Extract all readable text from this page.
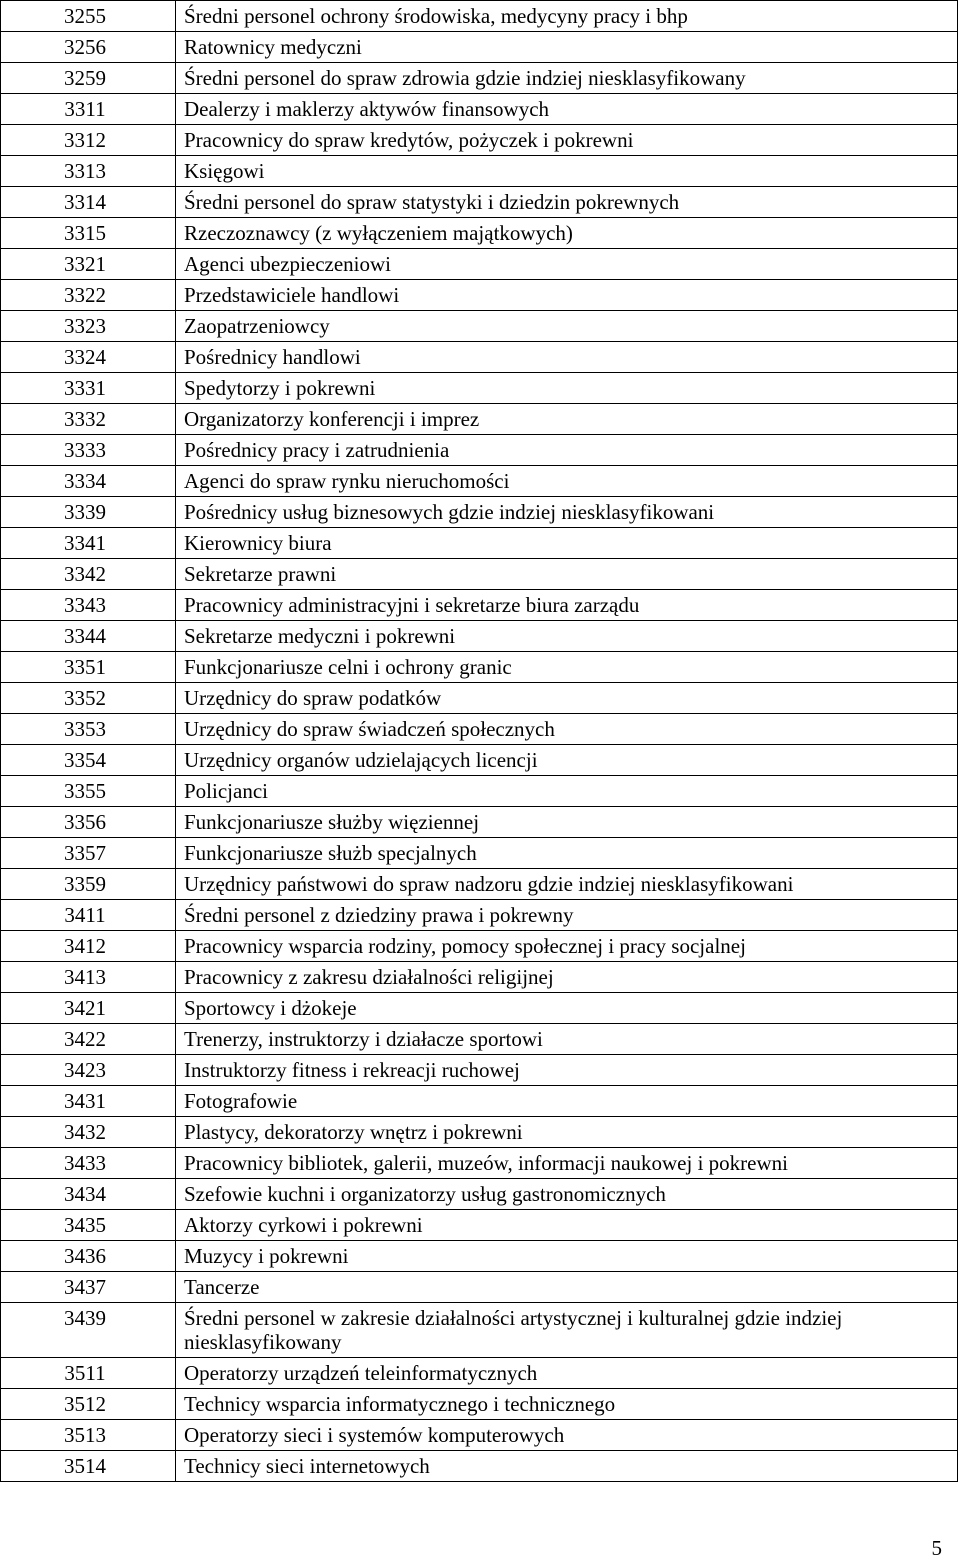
3255	Średni personel ochrony środowiska, medycyny pracy i bhp
3256	Ratownicy medyczni
3259	Średni personel do spraw zdrowia gdzie indziej niesklasyfikowany
3311	Dealerzy i maklerzy aktywów finansowych
3312	Pracownicy do spraw kredytów, pożyczek i pokrewni
3313	Księgowi
3314	Średni personel do spraw statystyki i dziedzin pokrewnych
3315	Rzeczoznawcy (z wyłączeniem majątkowych)
3321	Agenci ubezpieczeniowi
3322	Przedstawiciele handlowi
3323	Zaopatrzeniowcy
3324	Pośrednicy handlowi
3331	Spedytorzy i pokrewni
3332	Organizatorzy konferencji i imprez
3333	Pośrednicy pracy i zatrudnienia
3334	Agenci do spraw rynku nieruchomości
3339	Pośrednicy usług biznesowych gdzie indziej niesklasyfikowani
3341	Kierownicy biura
3342	Sekretarze prawni
3343	Pracownicy administracyjni i sekretarze biura zarządu
3344	Sekretarze medyczni i pokrewni
3351	Funkcjonariusze celni i ochrony granic
3352	Urzędnicy do spraw podatków
3353	Urzędnicy do spraw świadczeń społecznych
3354	Urzędnicy organów udzielających licencji
3355	Policjanci
3356	Funkcjonariusze służby więziennej
3357	Funkcjonariusze służb specjalnych
3359	Urzędnicy państwowi do spraw nadzoru gdzie indziej niesklasyfikowani
3411	Średni personel z dziedziny prawa i pokrewny
3412	Pracownicy wsparcia rodziny, pomocy społecznej i pracy socjalnej
3413	Pracownicy z zakresu działalności religijnej
3421	Sportowcy i dżokeje
3422	Trenerzy, instruktorzy i działacze sportowi
3423	Instruktorzy fitness i rekreacji ruchowej
3431	Fotografowie
3432	Plastycy, dekoratorzy wnętrz i pokrewni
3433	Pracownicy bibliotek, galerii, muzeów, informacji naukowej i pokrewni
3434	Szefowie kuchni i organizatorzy usług gastronomicznych
3435	Aktorzy cyrkowi i pokrewni
3436	Muzycy i pokrewni
3437	Tancerze
3439	Średni personel w zakresie działalności artystycznej i kulturalnej gdzie indziej niesklasyfikowany
3511	Operatorzy urządzeń teleinformatycznych
3512	Technicy wsparcia informatycznego i technicznego
3513	Operatorzy sieci i systemów komputerowych
3514	Technicy sieci internetowych
5
